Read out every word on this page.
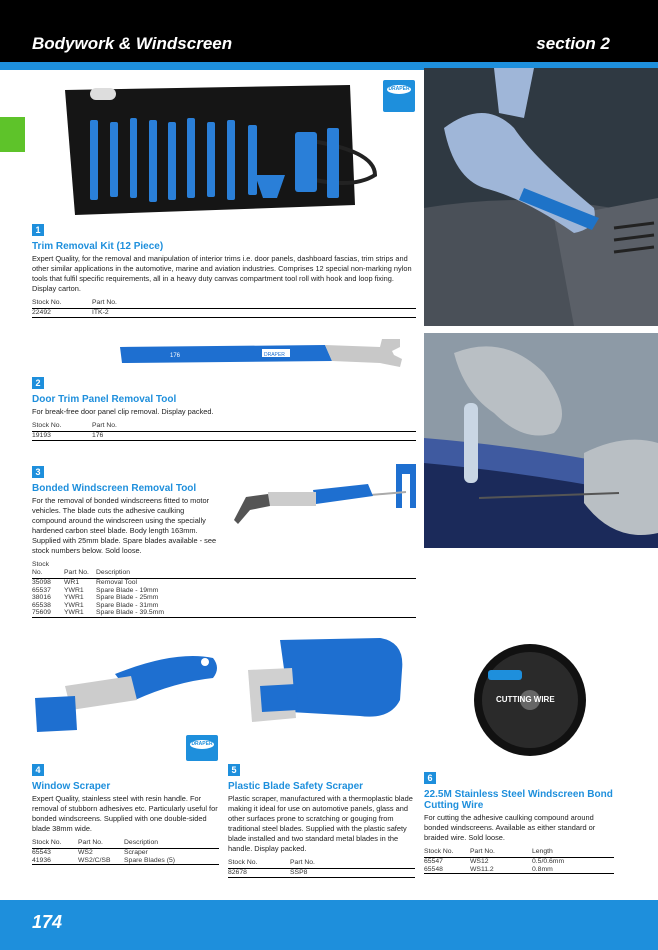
Bodywork & Windscreen	section 2
DRAPER
1
Trim Removal Kit (12 Piece)
Expert Quality, for the removal and manipulation of interior trims i.e. door panels, dashboard fascias, trim strips and other similar applications in the automotive, marine and aviation industries. Comprises 12 special non-marking nylon tools that fulfil specific requirements, all in a heavy duty canvas compartment tool roll with hook and loop fixing. Display carton.
Stock No.	Part No.
22492	ITK-2
176	DRAPER
2
Door Trim Panel Removal Tool
For break-free door panel clip removal. Display packed.
Stock No.	Part No.
19193	176
3
Bonded Windscreen Removal Tool
For the removal of bonded windscreens fitted to motor vehicles. The blade cuts the adhesive caulking compound around the windscreen using the specially hardened carbon steel blade. Body length 163mm. Supplied with 25mm blade. Spare blades available - see stock numbers below. Sold loose.
Stock No.	Part No.	Description
35098	WR1	Removal Tool
65537	YWR1	Spare Blade - 19mm
38016	YWR1	Spare Blade - 25mm
65538	YWR1	Spare Blade - 31mm
75609	YWR1	Spare Blade - 39.5mm
DRAPER
4
Window Scraper
Expert Quality, stainless steel with resin handle. For removal of stubborn adhesives etc. Particularly useful for bonded windscreens. Supplied with one double-sided blade 38mm wide.
Stock No.	Part No.	Description
65543	WS2	Scraper
41936	WS2/C/SB	Spare Blades (5)
5
Plastic Blade Safety Scraper
Plastic scraper, manufactured with a thermoplastic blade making it ideal for use on automotive panels, glass and other surfaces prone to scratching or gouging from traditional steel blades. Supplied with the plastic safety blade installed and two standard metal blades in the handle. Display packed.
Stock No.	Part No.
82678	SSP8
CUTTING WIRE
6
22.5M Stainless Steel Windscreen Bond Cutting Wire
For cutting the adhesive caulking compound around bonded windscreens. Available as either standard or braided wire. Sold loose.
Stock No.	Part No.	Length
65547	WS12	0.5/0.6mm
65548	WS11.2	0.8mm
174
